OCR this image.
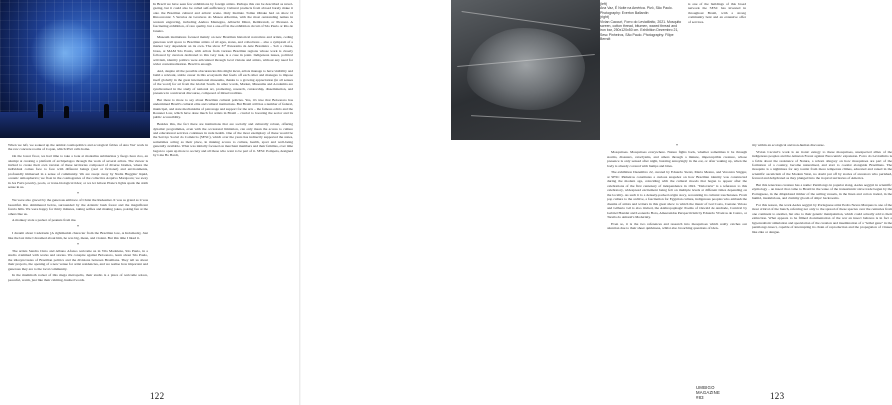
When we left, we soaked up the animal cosmopolitics and ecological fables of Ana Vaz' work in the raw concrete rooms of Copan, which Pivô calls home.

On the lower floor, we had time to take a look at montañas submarinas y fuego hace ríos, an attempt at creating a platform of archipelagos through the work of several artists. The viewer is invited to create their own version of these territories composed of diverse biomes, where the individual comes face to face with different beings (real or fictional) and environments, profoundly immersed in a sense of community. We are swept away by Nadia Huggins' liquid, oceanic atmospherics; we float in the cosmogonies of the collective Arquivo Marajoara; we sway in Jes Fan's jewelry, pools, or trans-biological tides; or we let Gilson Plano's lights spark the sixth sense in us.

*

We were also graced by the generous embrace of Christ the Redeemer. It was as grand as it was beautiful. Rio shimmered below, surrounded by the Atlantic bush forest and the magnificent favela hills. We were happy for thirty minutes, taking selfies and making jokes, poking fun at the others like us.

A monkey stole a packet of peanuts from me.

*

I dreamt about Cadeirudo [A rightmarish character from the Brazilian lore, A Indomada]. Just like the last time I dreamed about him, he was big, mean, and violent. But this time I liked it.

*

The artists Sandra Cinto and Albano Afonso welcome us in Vila Madalena, São Paulo, in a studio crammed with works and stories. We conspire against Bolsonaro, learn about São Paulo, the idiosyncrasies of Brazilian politics and the divisions between Brazilians. They tell us about their projects, the opening of a new venue for artist residencies, and we realise how important and generous they are to the local community.

In the mammoth rocket of this mega metropolis, their studio is a place of welcome solace, peaceful, warm, just like their calming, hushed words.

In Brazil we have seen few exhibitions by foreign artists. Perhaps this can be described as navel-gazing, but it could also be called self-sufficiency. Cultural products from abroad barely make it onto the Brazilian cultural and artistic scene. Only Instituto Tomie Ohtake had on show O Rinoceronte: 5 Séculos de Gravuras do Museu Albertina, with the most outstanding names in western engraving, including Andrea Mantegna, Albrecht Dürer, Rembrandt, or Piranesi. A fascinating exhibition, of rare quality, but a one-off in the exhibition circuit of São Paulo or Rio de Janeiro.

Museum institutions focused mainly on new Brazilian historical narratives and artists, ceding generous wall space to Brazilian artists of all ages, states, and collections – also a symptom of a market very dependent on its own. The show 37ª Panorama da Arte Brasileira – Sob a cinzas, brasa, at MAM São Paulo, with artists from various Brazilian regions whose work is closely followed by curators dedicated to this very task, is a case in point. Indigenous issues, political activism, identity politics were articulated through local visions and artists, without any need for wider contextualisation. Brazil is enough.

And, despite all the possible obscurancies this might incur, artists manage to have visibility and build a relevant, stable career in this ecosystem that feeds off each other and manages to impose itself globally in the great international museums, thanks to a growing appreciation (in all senses of the word) for art from the Global South. In other words, Market, Museums and Academia are synchronised in the study of national art, promoting, research, curatorship, dissemination, and presence in a universal discourse, composed of mixed realities.

But there is more to say about Brazilian cultural policies. Yes, it's true that Bolsonaro has undermined Brazil's cultural elite and cultural institutions. But Brazil still has a number of federal, municipal, and state mechanisms of patronage and support for the arts – the famous edicts and the Rouanet Law, which have done much for artists in Brazil – crucial to boosting the sector and its public accessibility.

Besides this, the fact there are institutions that are socially and culturally robust, offering dynamic programmes, even with the occasional limitation, can only mean the access to culture and educational services continues in rude health. One of the most exemplary of these would be the Serviço Social do Comércio (SESC), which over the years has indirectly supported the states, sometimes acting as their place, in making access to culture, health, sport and well-being generally available. What was initially focused on merchant members and their families, over time began to open up more to society and all those who want to be part of it. SESC Pompeia, designed by Lina Bo Bardi,

122

(left)

Ana Vaz, É Noite na América. Pivô, São Paulo. Photography: Everton Ballardin

(right)

Vivian Caccuri, Forro do Leviatãnito, 2021. Mosquito screen, cotton thread, bitumen, waxed thread and iron bar, 250x120x50 cm. Exhibition Dezembro 21, Sesc Pinheiros, São Paulo. Photography: Filipe Berndt

is one of the buildings of this broad network the SESC has invested in throughout Brazil, with a strong community bent and an extensive offer of services.

*

Mosquitoes. Mosquitoes everywhere. Nature fights back, whether sometimes it be through storms, disasters, cataclysms, and others through a minute, imperceptible creature, whose presence is only sensed after night, buzzing annoyingly in the ear, or after waking up, when the body is already covered with bumps and bites.

The exhibition Dezembro 22, curated by Eduardo Sterzi, Marta Mestre, and Veronica Stigger, at SESC Pinheiros constitutes a curious snapshot on how Brazilian identity was constructed during the modern age, coinciding with the cultural moods that began to appear after the celebrations of the first centenary of independence in 1922. "Delovaria" is a reference to this celebratory, widespread excitement being felt on multiple levels at different times depending on the locality. As such it is a densely-packed origin story, recounting its cultural touchstones. From pop culture to the archive, a fascination for Egyptian culture, indigenous peoples who ambush the dreams of artists and writers in this great show to which the music of Gal Costa, Caetano Veloso and Gilberto Gil is also invited, the Anthropophagic Poems of Oswald de Andrade, Carnival by Gabriel Hastdet and Leonardo Bora, Amazonidas Perspectivism by Eduardo Viveiros de Castro, or Tarsila do Amaral's Modernity.

Even so, it is the two references and research into mosquitoes which really catches our attention due to their sheer quirkiness, whilst also broaching questions of iden-

tity within an ecological and non-human discourse.

Vivian Caccuri's work is an ironic eulogy to these mosquitoes, unexpected allies of the indigenous peoples and the Amazon Forest against Eurocentric expansion. Forro do Leviatãnito is a fable about the resistance of Nature, a reborn allegory on how mosquitoes are part of the formation of a country, become naturalised, and start to coexist alongside Brazilians. The mosquito is a nightmare for any tourist from more temperate climes, educated and raised in the scientific asceticism of the Modern West, no doubt put off by stories of ancestors who perished, fevered and dehydrated as they plunged into the tropical territories of America.

But this tenacious creature has a name: Pernilongo in popular slang, Aedes aegypti in scientific etymology – an insect that came to Brazil in the wake of the transatlantic slave trade begun by the Portuguese, in the dilapidated timber of the sailing vessels, in the linen and cotton traded, in the humid, insalubrious, and clammy gloom of ships' backrooms.

For this reason, the work Aedes aegypti by Portuguese artist Pedro Neves Marques is one of the most critical of the bunch, referring not only to the spread of these species over the centuries from one continent to another, but also to their genetic manipulation, which could actually add to their extinction. What appears to be filmed documentation of the war an insect behaves is in fact a hyperrealistic simulation and speculation of the creation and insemination of a "lethal gene" in the pernilongo insect, capable of interrupting its chain of reproduction and the propagation of viruses like zika or dengue.

UMBIGO MAGAZINE #83	123
